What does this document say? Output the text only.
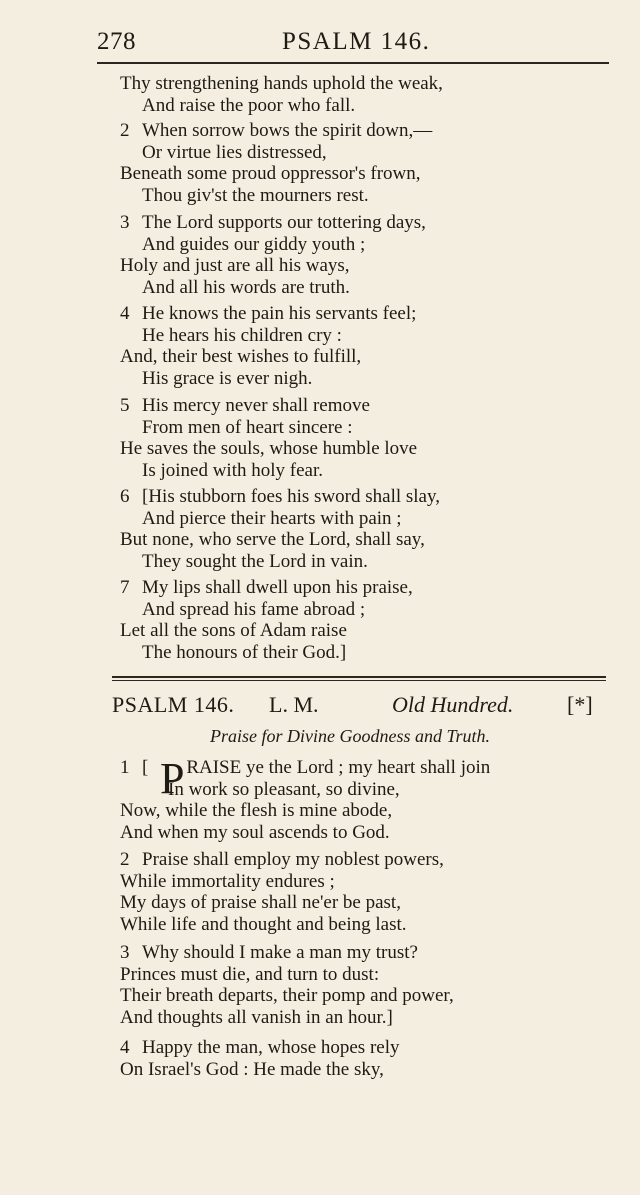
278	PSALM 146.
Thy strengthening hands uphold the weak,
And raise the poor who fall.
2 When sorrow bows the spirit down,—
Or virtue lies distressed,
Beneath some proud oppressor's frown,
Thou giv'st the mourners rest.
3 The Lord supports our tottering days,
And guides our giddy youth ;
Holy and just are all his ways,
And all his words are truth.
4 He knows the pain his servants feel;
He hears his children cry :
And, their best wishes to fulfill,
His grace is ever nigh.
5 His mercy never shall remove
From men of heart sincere :
He saves the souls, whose humble love
Is joined with holy fear.
6 [His stubborn foes his sword shall slay,
And pierce their hearts with pain ;
But none, who serve the Lord, shall say,
They sought the Lord in vain.
7 My lips shall dwell upon his praise,
And spread his fame abroad ;
Let all the sons of Adam raise
The honours of their God.]
PSALM 146. L. M.	Old Hundred. [*]
Praise for Divine Goodness and Truth.
1 [ P RAISE ye the Lord ; my heart shall join
In work so pleasant, so divine,
Now, while the flesh is mine abode,
And when my soul ascends to God.
2 Praise shall employ my noblest powers,
While immortality endures ;
My days of praise shall ne'er be past,
While life and thought and being last.
3 Why should I make a man my trust?
Princes must die, and turn to dust:
Their breath departs, their pomp and power,
And thoughts all vanish in an hour.]
4 Happy the man, whose hopes rely
On Israel's God : He made the sky,
